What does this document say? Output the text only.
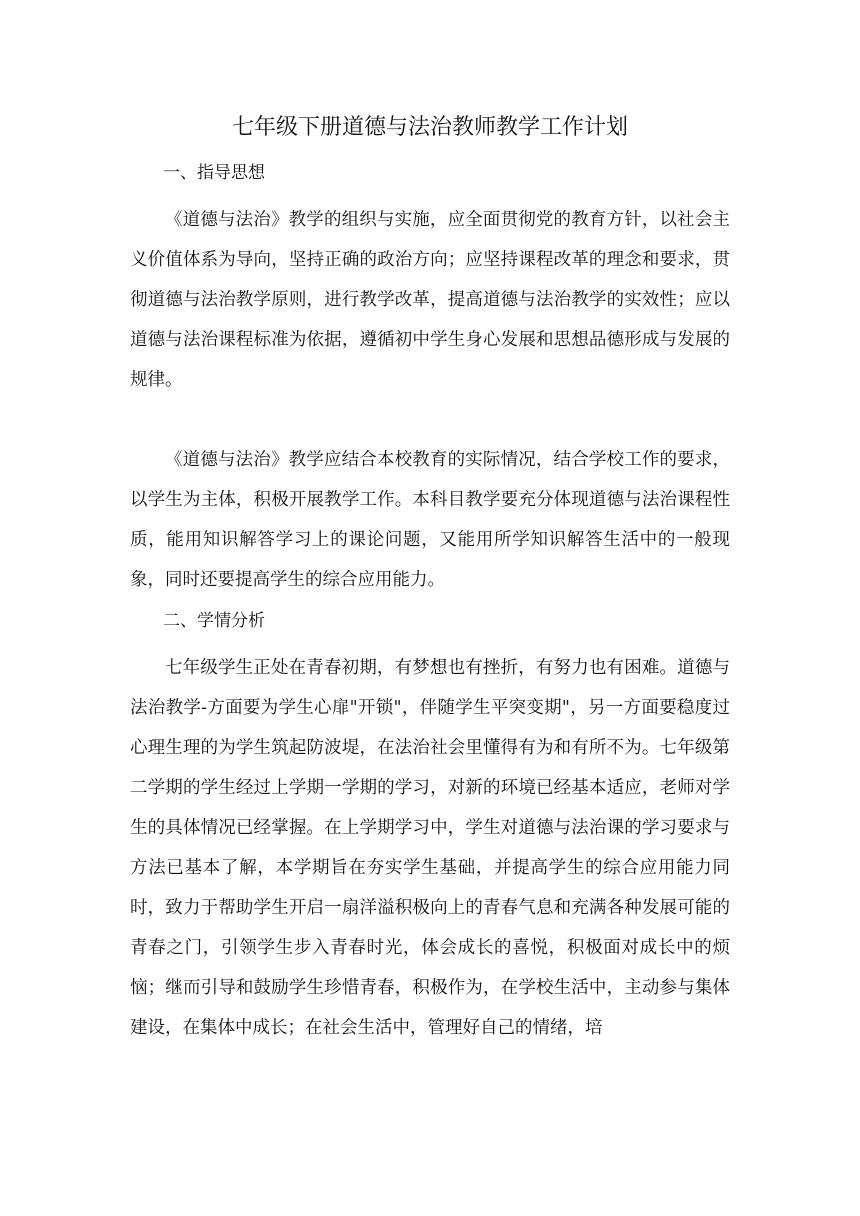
七年级下册道德与法治教师教学工作计划
一、指导思想

《道德与法治》教学的组织与实施，应全面贯彻党的教育方针，以社会主义价值体系为导向，坚持正确的政治方向；应坚持课程改革的理念和要求，贯彻道德与法治教学原则，进行教学改革，提高道德与法治教学的实效性；应以道德与法治课程标准为依据，遵循初中学生身心发展和思想品德形成与发展的规律。

《道德与法治》教学应结合本校教育的实际情况，结合学校工作的要求，以学生为主体，积极开展教学工作。本科目教学要充分体现道德与法治课程性质，能用知识解答学习上的课论问题，又能用所学知识解答生活中的一般现象，同时还要提高学生的综合应用能力。

二、学情分析

七年级学生正处在青春初期，有梦想也有挫折，有努力也有困难。道德与法治教学-方面要为学生心扉"开锁"，伴随学生平突变期"，另一方面要稳度过心理生理的为学生筑起防波堤，在法治社会里懂得有为和有所不为。七年级第二学期的学生经过上学期一学期的学习，对新的环境已经基本适应，老师对学生的具体情况已经掌握。在上学期学习中，学生对道德与法治课的学习要求与方法已基本了解，本学期旨在夯实学生基础，并提高学生的综合应用能力同时，致力于帮助学生开启一扇洋溢积极向上的青春气息和充满各种发展可能的青春之门，引领学生步入青春时光，体会成长的喜悦，积极面对成长中的烦恼；继而引导和鼓励学生珍惜青春，积极作为，在学校生活中，主动参与集体建设，在集体中成长；在社会生活中，管理好自己的情绪，培
